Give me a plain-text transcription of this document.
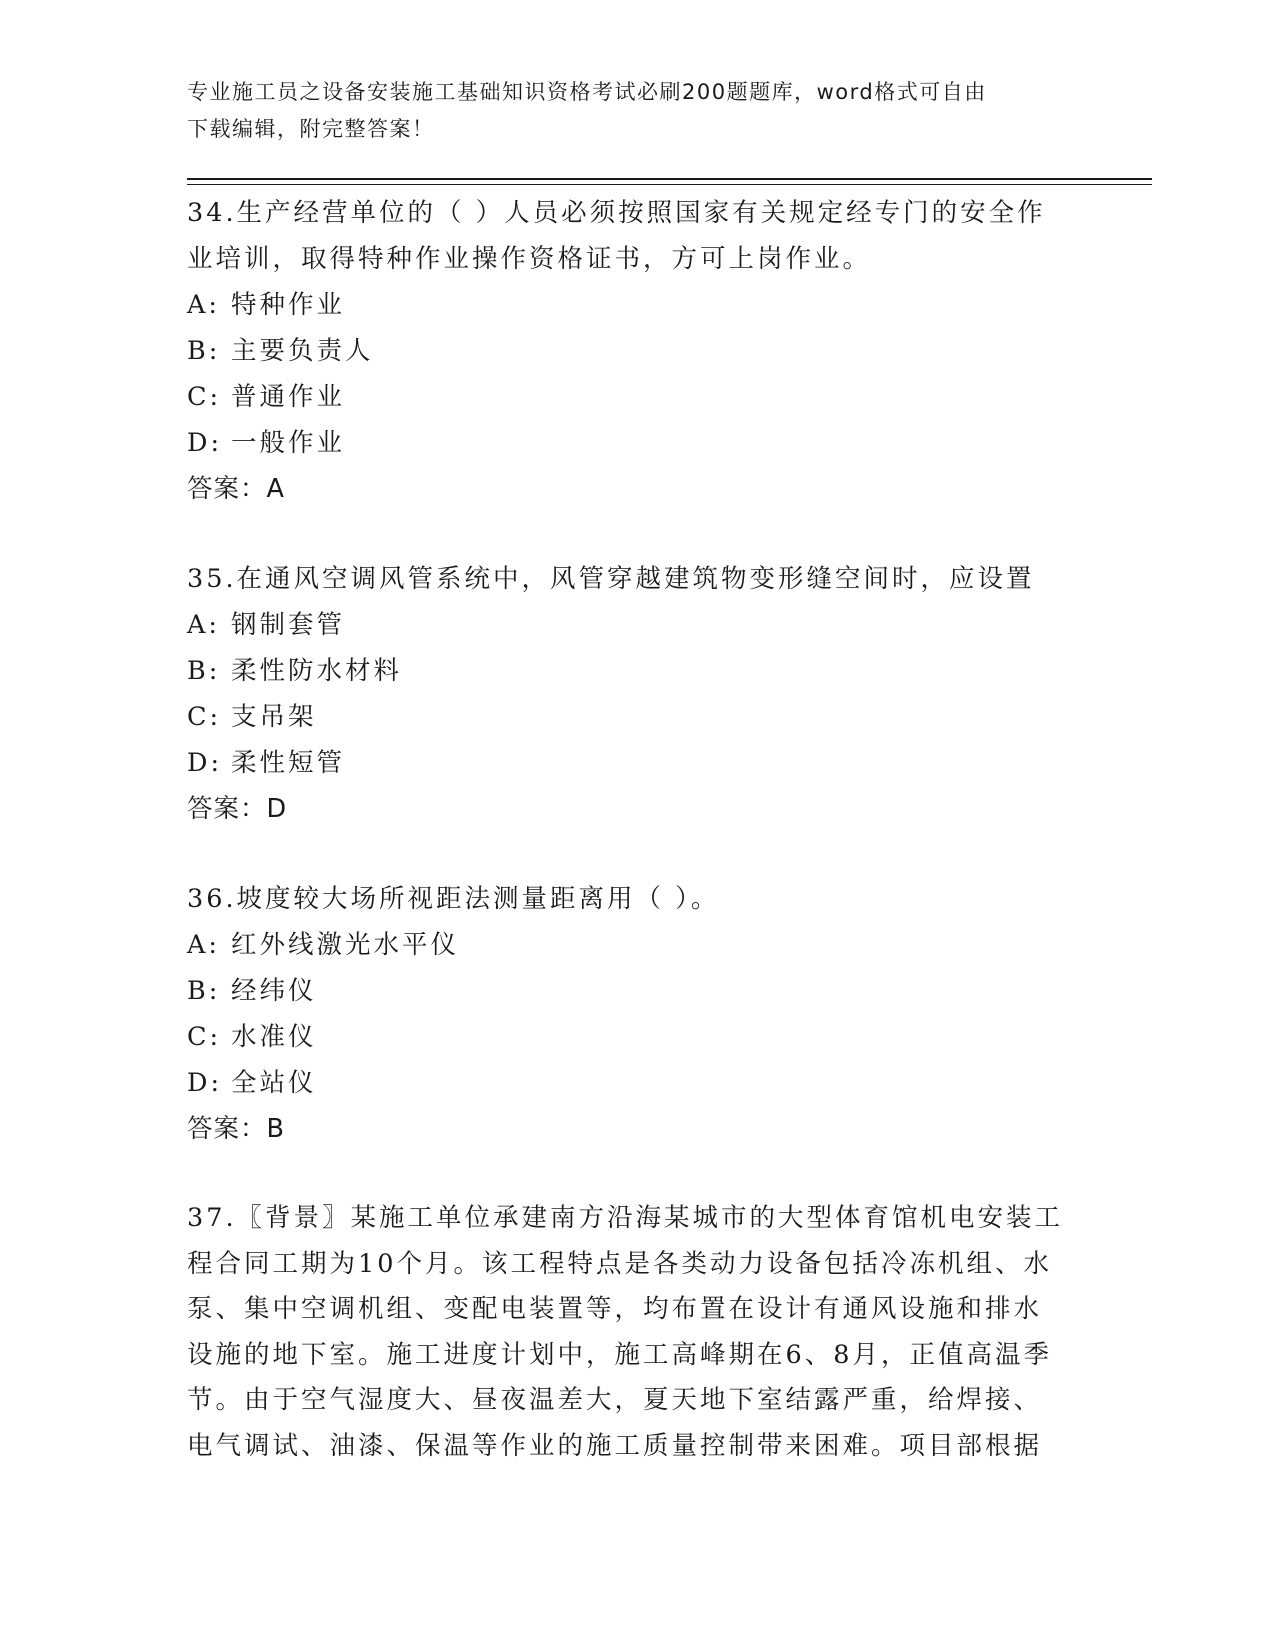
专业施工员之设备安装施工基础知识资格考试必刷200题题库，word格式可自由
下载编辑，附完整答案！
34.生产经营单位的（ ）人员必须按照国家有关规定经专门的安全作
业培训，取得特种作业操作资格证书，方可上岗作业。
A: 特种作业
B: 主要负责人
C: 普通作业
D: 一般作业
答案：A
35.在通风空调风管系统中，风管穿越建筑物变形缝空间时，应设置
A: 钢制套管
B: 柔性防水材料
C: 支吊架
D: 柔性短管
答案：D
36.坡度较大场所视距法测量距离用（ ）。
A: 红外线激光水平仪
B: 经纬仪
C: 水准仪
D: 全站仪
答案：B
37.〖背景〗某施工单位承建南方沿海某城市的大型体育馆机电安装工
程合同工期为10个月。该工程特点是各类动力设备包括冷冻机组、水
泵、集中空调机组、变配电装置等，均布置在设计有通风设施和排水
设施的地下室。施工进度计划中，施工高峰期在6、8月，正值高温季
节。由于空气湿度大、昼夜温差大，夏天地下室结露严重，给焊接、
电气调试、油漆、保温等作业的施工质量控制带来困难。项目部根据
